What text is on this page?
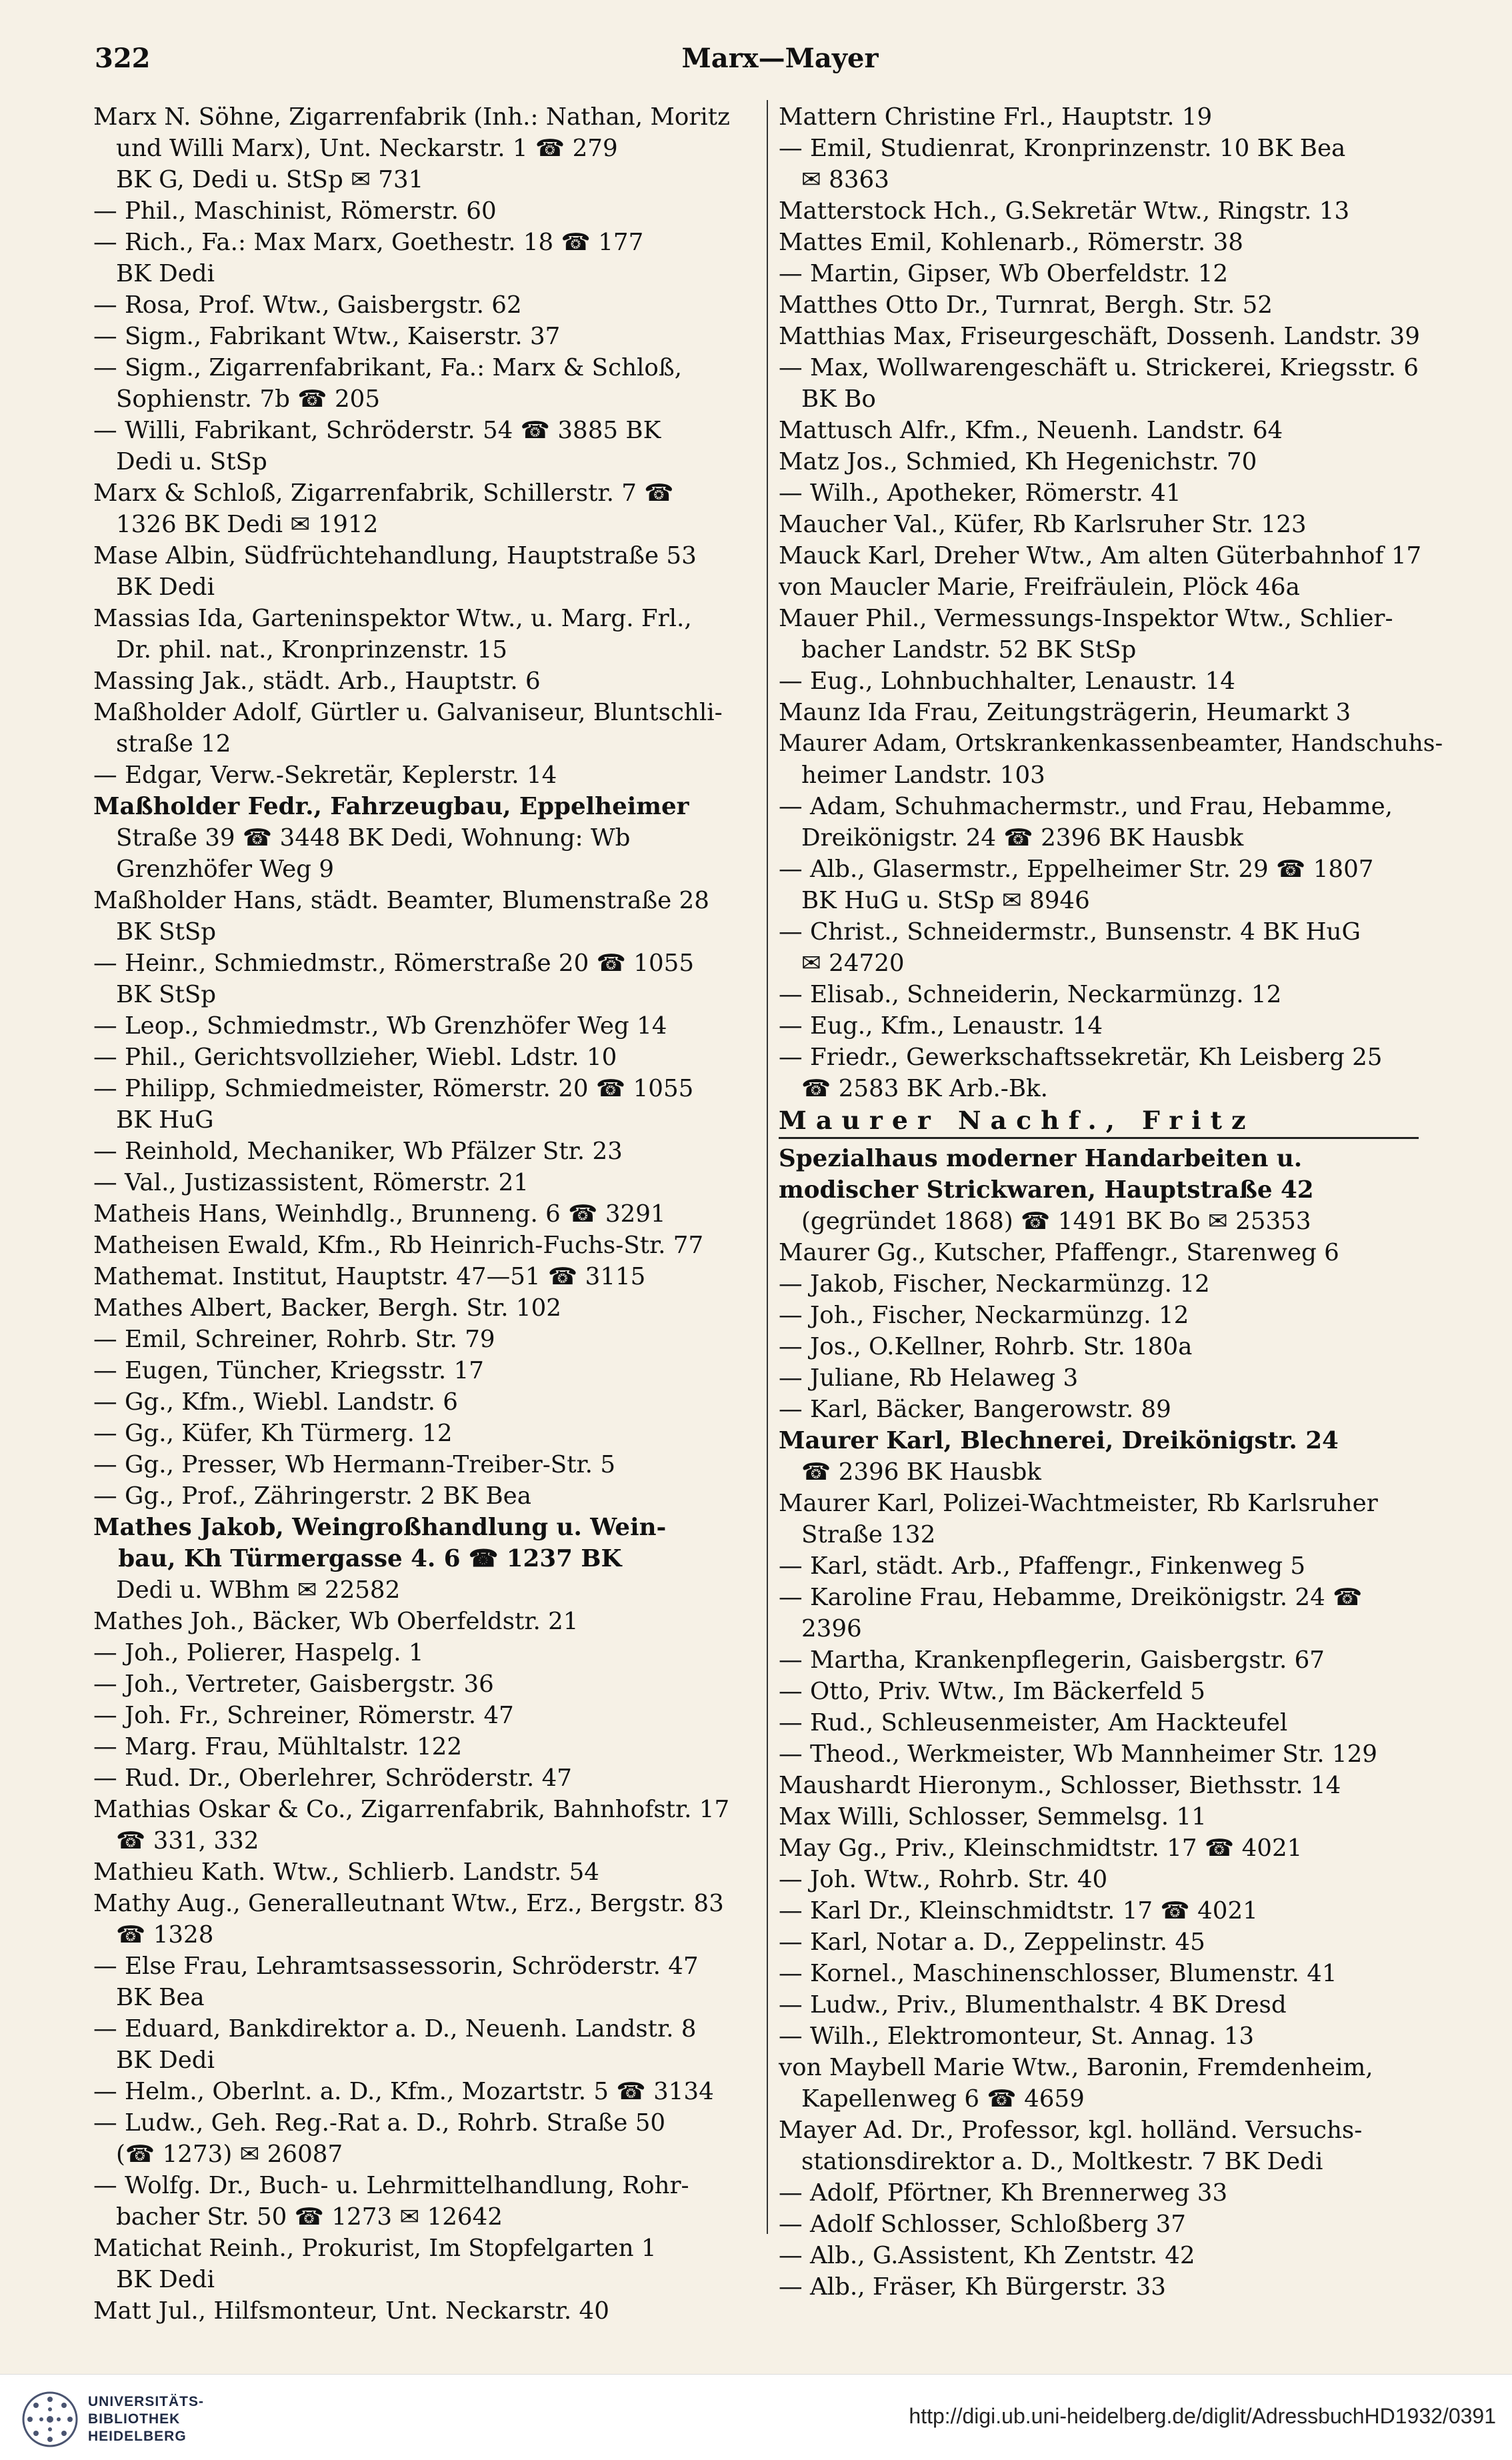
322	Marx—Mayer
Marx N. Söhne, Zigarrenfabrik (Inh.: Nathan, Moritz
und Willi Marx), Unt. Neckarstr. 1 ☎ 279
BK G, Dedi u. StSp ✉ 731
— Phil., Maschinist, Römerstr. 60
— Rich., Fa.: Max Marx, Goethestr. 18 ☎ 177
BK Dedi
— Rosa, Prof. Wtw., Gaisbergstr. 62
— Sigm., Fabrikant Wtw., Kaiserstr. 37
— Sigm., Zigarrenfabrikant, Fa.: Marx & Schloß,
Sophienstr. 7b ☎ 205
— Willi, Fabrikant, Schröderstr. 54 ☎ 3885 BK
Dedi u. StSp
Marx & Schloß, Zigarrenfabrik, Schillerstr. 7 ☎
1326 BK Dedi ✉ 1912
Mase Albin, Südfrüchtehandlung, Hauptstraße 53
BK Dedi
Massias Ida, Garteninspektor Wtw., u. Marg. Frl.,
Dr. phil. nat., Kronprinzenstr. 15
Massing Jak., städt. Arb., Hauptstr. 6
Maßholder Adolf, Gürtler u. Galvaniseur, Bluntschli-
straße 12
— Edgar, Verw.-Sekretär, Keplerstr. 14
Maßholder Fedr., Fahrzeugbau, Eppelheimer
Straße 39 ☎ 3448 BK Dedi, Wohnung: Wb
Grenzhöfer Weg 9
Maßholder Hans, städt. Beamter, Blumenstraße 28
BK StSp
— Heinr., Schmiedmstr., Römerstraße 20 ☎ 1055
BK StSp
— Leop., Schmiedmstr., Wb Grenzhöfer Weg 14
— Phil., Gerichtsvollzieher, Wiebl. Ldstr. 10
— Philipp, Schmiedmeister, Römerstr. 20 ☎ 1055
BK HuG
— Reinhold, Mechaniker, Wb Pfälzer Str. 23
— Val., Justizassistent, Römerstr. 21
Matheis Hans, Weinhdlg., Brunneng. 6 ☎ 3291
Matheisen Ewald, Kfm., Rb Heinrich-Fuchs-Str. 77
Mathemat. Institut, Hauptstr. 47—51 ☎ 3115
Mathes Albert, Backer, Bergh. Str. 102
— Emil, Schreiner, Rohrb. Str. 79
— Eugen, Tüncher, Kriegsstr. 17
— Gg., Kfm., Wiebl. Landstr. 6
— Gg., Küfer, Kh Türmerg. 12
— Gg., Presser, Wb Hermann-Treiber-Str. 5
— Gg., Prof., Zähringerstr. 2 BK Bea
Mathes Jakob, Weingroßhandlung u. Wein-
bau, Kh Türmergasse 4. 6 ☎ 1237 BK
Dedi u. WBhm ✉ 22582
Mathes Joh., Bäcker, Wb Oberfeldstr. 21
— Joh., Polierer, Haspelg. 1
— Joh., Vertreter, Gaisbergstr. 36
— Joh. Fr., Schreiner, Römerstr. 47
— Marg. Frau, Mühltalstr. 122
— Rud. Dr., Oberlehrer, Schröderstr. 47
Mathias Oskar & Co., Zigarrenfabrik, Bahnhofstr. 17
☎ 331, 332
Mathieu Kath. Wtw., Schlierb. Landstr. 54
Mathy Aug., Generalleutnant Wtw., Erz., Bergstr. 83
☎ 1328
— Else Frau, Lehramtsassessorin, Schröderstr. 47
BK Bea
— Eduard, Bankdirektor a. D., Neuenh. Landstr. 8
BK Dedi
— Helm., Oberlnt. a. D., Kfm., Mozartstr. 5 ☎ 3134
— Ludw., Geh. Reg.-Rat a. D., Rohrb. Straße 50
(☎ 1273) ✉ 26087
— Wolfg. Dr., Buch- u. Lehrmittelhandlung, Rohr-
bacher Str. 50 ☎ 1273 ✉ 12642
Matichat Reinh., Prokurist, Im Stopfelgarten 1
BK Dedi
Matt Jul., Hilfsmonteur, Unt. Neckarstr. 40
Mattern Christine Frl., Hauptstr. 19
— Emil, Studienrat, Kronprinzenstr. 10 BK Bea
✉ 8363
Matterstock Hch., G.Sekretär Wtw., Ringstr. 13
Mattes Emil, Kohlenarb., Römerstr. 38
— Martin, Gipser, Wb Oberfeldstr. 12
Matthes Otto Dr., Turnrat, Bergh. Str. 52
Matthias Max, Friseurgeschäft, Dossenh. Landstr. 39
— Max, Wollwarengeschäft u. Strickerei, Kriegsstr. 6
BK Bo
Mattusch Alfr., Kfm., Neuenh. Landstr. 64
Matz Jos., Schmied, Kh Hegenichstr. 70
— Wilh., Apotheker, Römerstr. 41
Maucher Val., Küfer, Rb Karlsruher Str. 123
Mauck Karl, Dreher Wtw., Am alten Güterbahnhof 17
von Maucler Marie, Freifräulein, Plöck 46a
Mauer Phil., Vermessungs-Inspektor Wtw., Schlier-
bacher Landstr. 52 BK StSp
— Eug., Lohnbuchhalter, Lenaustr. 14
Maunz Ida Frau, Zeitungsträgerin, Heumarkt 3
Maurer Adam, Ortskrankenkassenbeamter, Handschuhs-
heimer Landstr. 103
— Adam, Schuhmachermstr., und Frau, Hebamme,
Dreikönigstr. 24 ☎ 2396 BK Hausbk
— Alb., Glasermstr., Eppelheimer Str. 29 ☎ 1807
BK HuG u. StSp ✉ 8946
— Christ., Schneidermstr., Bunsenstr. 4 BK HuG
✉ 24720
— Elisab., Schneiderin, Neckarmünzg. 12
— Eug., Kfm., Lenaustr. 14
— Friedr., Gewerkschaftssekretär, Kh Leisberg 25
☎ 2583 BK Arb.-Bk.
Maurer Nachf., Fritz
Spezialhaus moderner Handarbeiten u.
modischer Strickwaren, Hauptstraße 42
(gegründet 1868) ☎ 1491 BK Bo ✉ 25353
Maurer Gg., Kutscher, Pfaffengr., Starenweg 6
— Jakob, Fischer, Neckarmünzg. 12
— Joh., Fischer, Neckarmünzg. 12
— Jos., O.Kellner, Rohrb. Str. 180a
— Juliane, Rb Helaweg 3
— Karl, Bäcker, Bangerowstr. 89
Maurer Karl, Blechnerei, Dreikönigstr. 24
☎ 2396 BK Hausbk
Maurer Karl, Polizei-Wachtmeister, Rb Karlsruher
Straße 132
— Karl, städt. Arb., Pfaffengr., Finkenweg 5
— Karoline Frau, Hebamme, Dreikönigstr. 24 ☎
2396
— Martha, Krankenpflegerin, Gaisbergstr. 67
— Otto, Priv. Wtw., Im Bäckerfeld 5
— Rud., Schleusenmeister, Am Hackteufel
— Theod., Werkmeister, Wb Mannheimer Str. 129
Maushardt Hieronym., Schlosser, Biethsstr. 14
Max Willi, Schlosser, Semmelsg. 11
May Gg., Priv., Kleinschmidtstr. 17 ☎ 4021
— Joh. Wtw., Rohrb. Str. 40
— Karl Dr., Kleinschmidtstr. 17 ☎ 4021
— Karl, Notar a. D., Zeppelinstr. 45
— Kornel., Maschinenschlosser, Blumenstr. 41
— Ludw., Priv., Blumenthalstr. 4 BK Dresd
— Wilh., Elektromonteur, St. Annag. 13
von Maybell Marie Wtw., Baronin, Fremdenheim,
Kapellenweg 6 ☎ 4659
Mayer Ad. Dr., Professor, kgl. holländ. Versuchs-
stationsdirektor a. D., Moltkestr. 7 BK Dedi
— Adolf, Pförtner, Kh Brennerweg 33
— Adolf Schlosser, Schloßberg 37
— Alb., G.Assistent, Kh Zentstr. 42
— Alb., Fräser, Kh Bürgerstr. 33
UNIVERSITÄTS-
BIBLIOTHEK
HEIDELBERG
http://digi.ub.uni-heidelberg.de/diglit/AdressbuchHD1932/0391
